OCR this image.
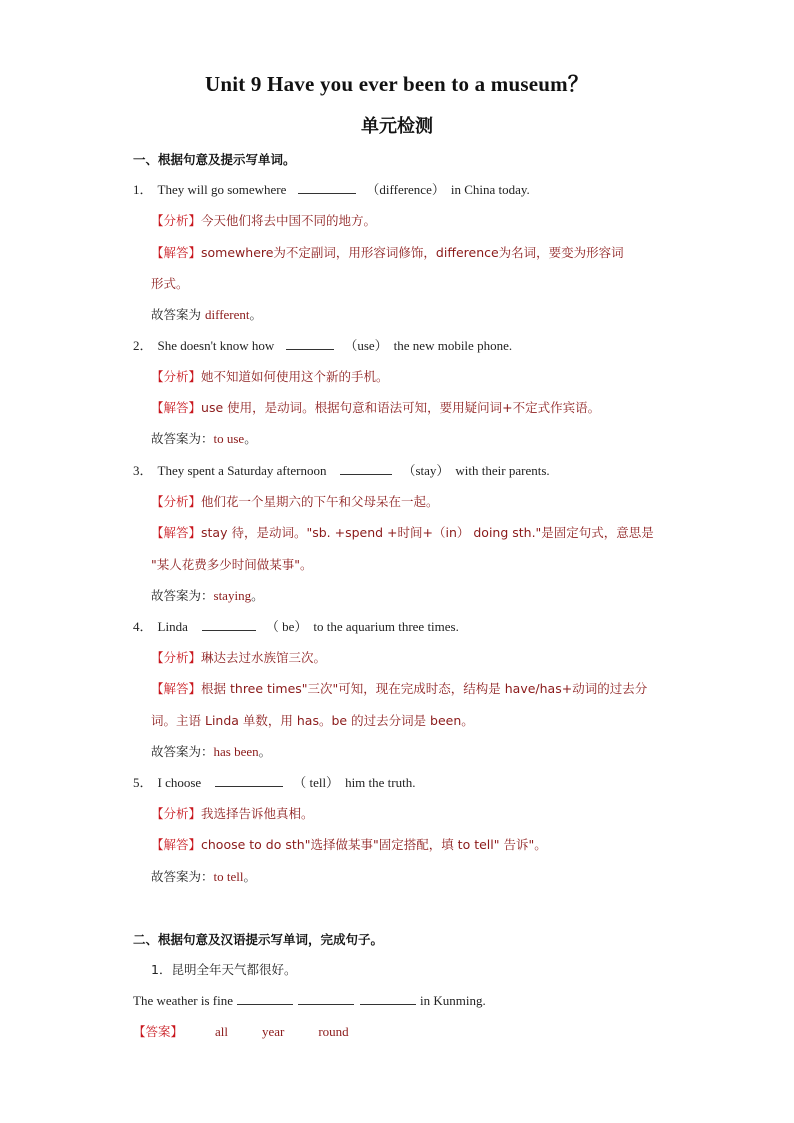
Unit 9 Have you ever been to a museum？
单元检测
一、根据句意及提示写单词。
1． They will go somewhere	（difference） in China today.
【分析】今天他们将去中国不同的地方。
【解答】somewhere为不定副词，用形容词修饰，difference为名词，要变为形容词
形式。
故答案为 different。
2． She doesn't know how	（use） the new mobile phone.
【分析】她不知道如何使用这个新的手机。
【解答】use 使用，是动词。根据句意和语法可知，要用疑问词+不定式作宾语。
故答案为：to use。
3． They spent a Saturday afternoon	（stay） with their parents.
【分析】他们花一个星期六的下午和父母呆在一起。
【解答】stay 待，是动词。"sb. +spend +时间+（in） doing sth."是固定句式，意思是
"某人花费多少时间做某事"。
故答案为：staying。
4． Linda	（ be） to the aquarium three times.
【分析】琳达去过水族馆三次。
【解答】根据 three times"三次"可知，现在完成时态，结构是 have/has+动词的过去分
词。主语 Linda 单数，用 has。be 的过去分词是 been。
故答案为：has been。
5． I choose	（ tell） him the truth.
【分析】我选择告诉他真相。
【解答】choose to do sth"选择做某事"固定搭配，填 to tell" 告诉"。
故答案为：to tell。
二、根据句意及汉语提示写单词，完成句子。
1．昆明全年天气都很好。
The weather is fine	in Kunming.
【答案】 all	year	round
